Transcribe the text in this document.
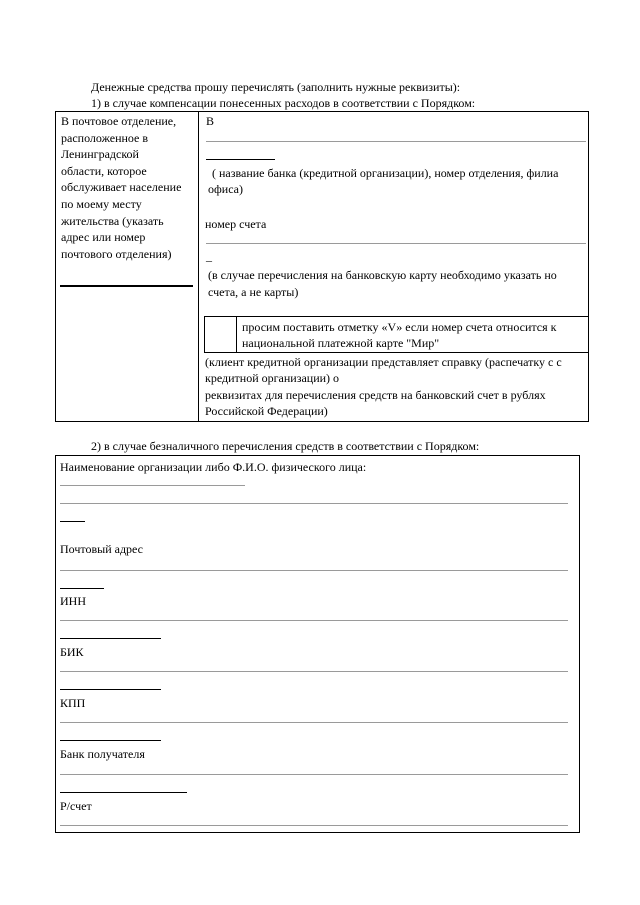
Денежные средства прошу перечислять (заполнить нужные реквизиты):
1) в случае компенсации понесенных расходов в соответствии с Порядком:
В почтовое отделение,
расположенное в
Ленинградской
области, которое
обслуживает население
по моему месту
жительства (указать
адрес или номер
почтового отделения)
В
( название банка (кредитной организации), номер отделения, филиа
офиса)
номер счета
_
(в случае перечисления на банковскую карту необходимо указать но
счета, а не карты)
просим поставить отметку «V» если номер счета относится к
национальной платежной карте "Мир"
(клиент кредитной организации представляет справку (распечатку с с
кредитной организации) о
реквизитах для перечисления средств на банковский счет в рублях
Российской Федерации)
2) в случае безналичного перечисления средств в соответствии с Порядком:
Наименование организации либо Ф.И.О. физического лица:
Почтовый адрес
ИНН
БИК
КПП
Банк получателя
Р/счет
